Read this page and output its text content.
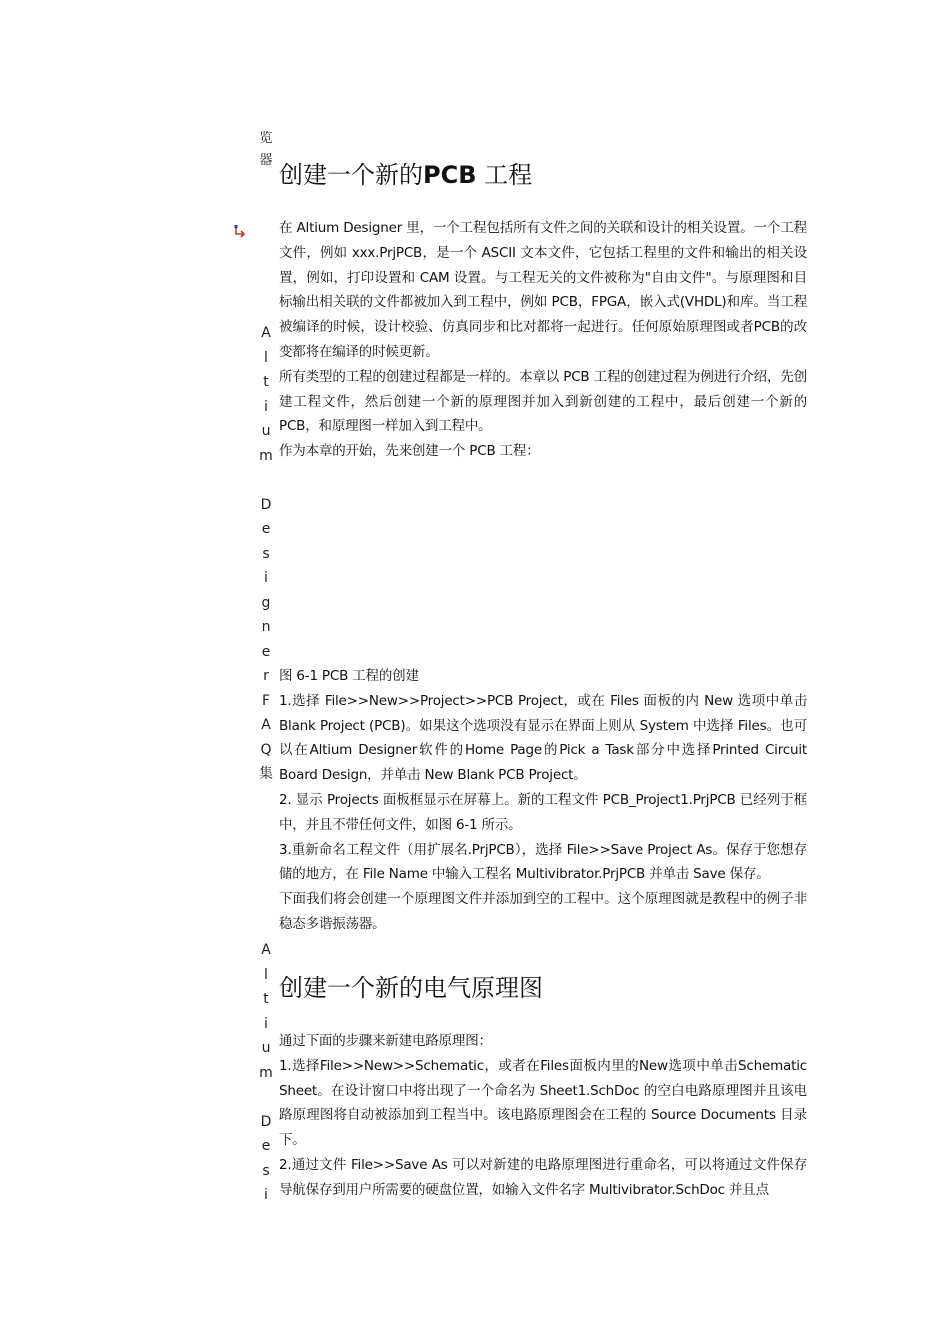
览
器
A
l
t
i
u
m

D
e
s
i
g
n
e
r
F
A
Q
集
A
l
t
i
u
m

D
e
s
i
创建一个新的PCB 工程

在 Altium Designer 里，一个工程包括所有文件之间的关联和设计的相关设置。一个工程文件，例如 xxx.PrjPCB，是一个 ASCII 文本文件，它包括工程里的文件和输出的相关设置，例如，打印设置和 CAM 设置。与工程无关的文件被称为"自由文件"。与原理图和目标输出相关联的文件都被加入到工程中，例如 PCB，FPGA，嵌入式(VHDL)和库。当工程被编译的时候，设计校验、仿真同步和比对都将一起进行。任何原始原理图或者PCB的改变都将在编译的时候更新。

所有类型的工程的创建过程都是一样的。本章以 PCB 工程的创建过程为例进行介绍，先创建工程文件，然后创建一个新的原理图并加入到新创建的工程中，最后创建一个新的 PCB，和原理图一样加入到工程中。

作为本章的开始，先来创建一个 PCB 工程：

图 6-1 PCB 工程的创建

1.选择 File>>New>>Project>>PCB Project，或在 Files 面板的内 New 选项中单击 Blank Project (PCB)。如果这个选项没有显示在界面上则从 System 中选择 Files。也可以在Altium Designer软件的Home Page的Pick a Task部分中选择Printed Circuit Board Design，并单击 New Blank PCB Project。

2. 显示 Projects 面板框显示在屏幕上。新的工程文件 PCB_Project1.PrjPCB 已经列于框中，并且不带任何文件，如图 6-1 所示。

3.重新命名工程文件（用扩展名.PrjPCB），选择 File>>Save Project As。保存于您想存储的地方，在 File Name 中输入工程名 Multivibrator.PrjPCB 并单击 Save 保存。

下面我们将会创建一个原理图文件并添加到空的工程中。这个原理图就是教程中的例子非稳态多谐振荡器。

创建一个新的电气原理图

通过下面的步骤来新建电路原理图：

1.选择File>>New>>Schematic，或者在Files面板内里的New选项中单击Schematic Sheet。在设计窗口中将出现了一个命名为 Sheet1.SchDoc 的空白电路原理图并且该电路原理图将自动被添加到工程当中。该电路原理图会在工程的 Source Documents 目录下。

2.通过文件 File>>Save As 可以对新建的电路原理图进行重命名，可以将通过文件保存导航保存到用户所需要的硬盘位置，如输入文件名字 Multivibrator.SchDoc 并且点
